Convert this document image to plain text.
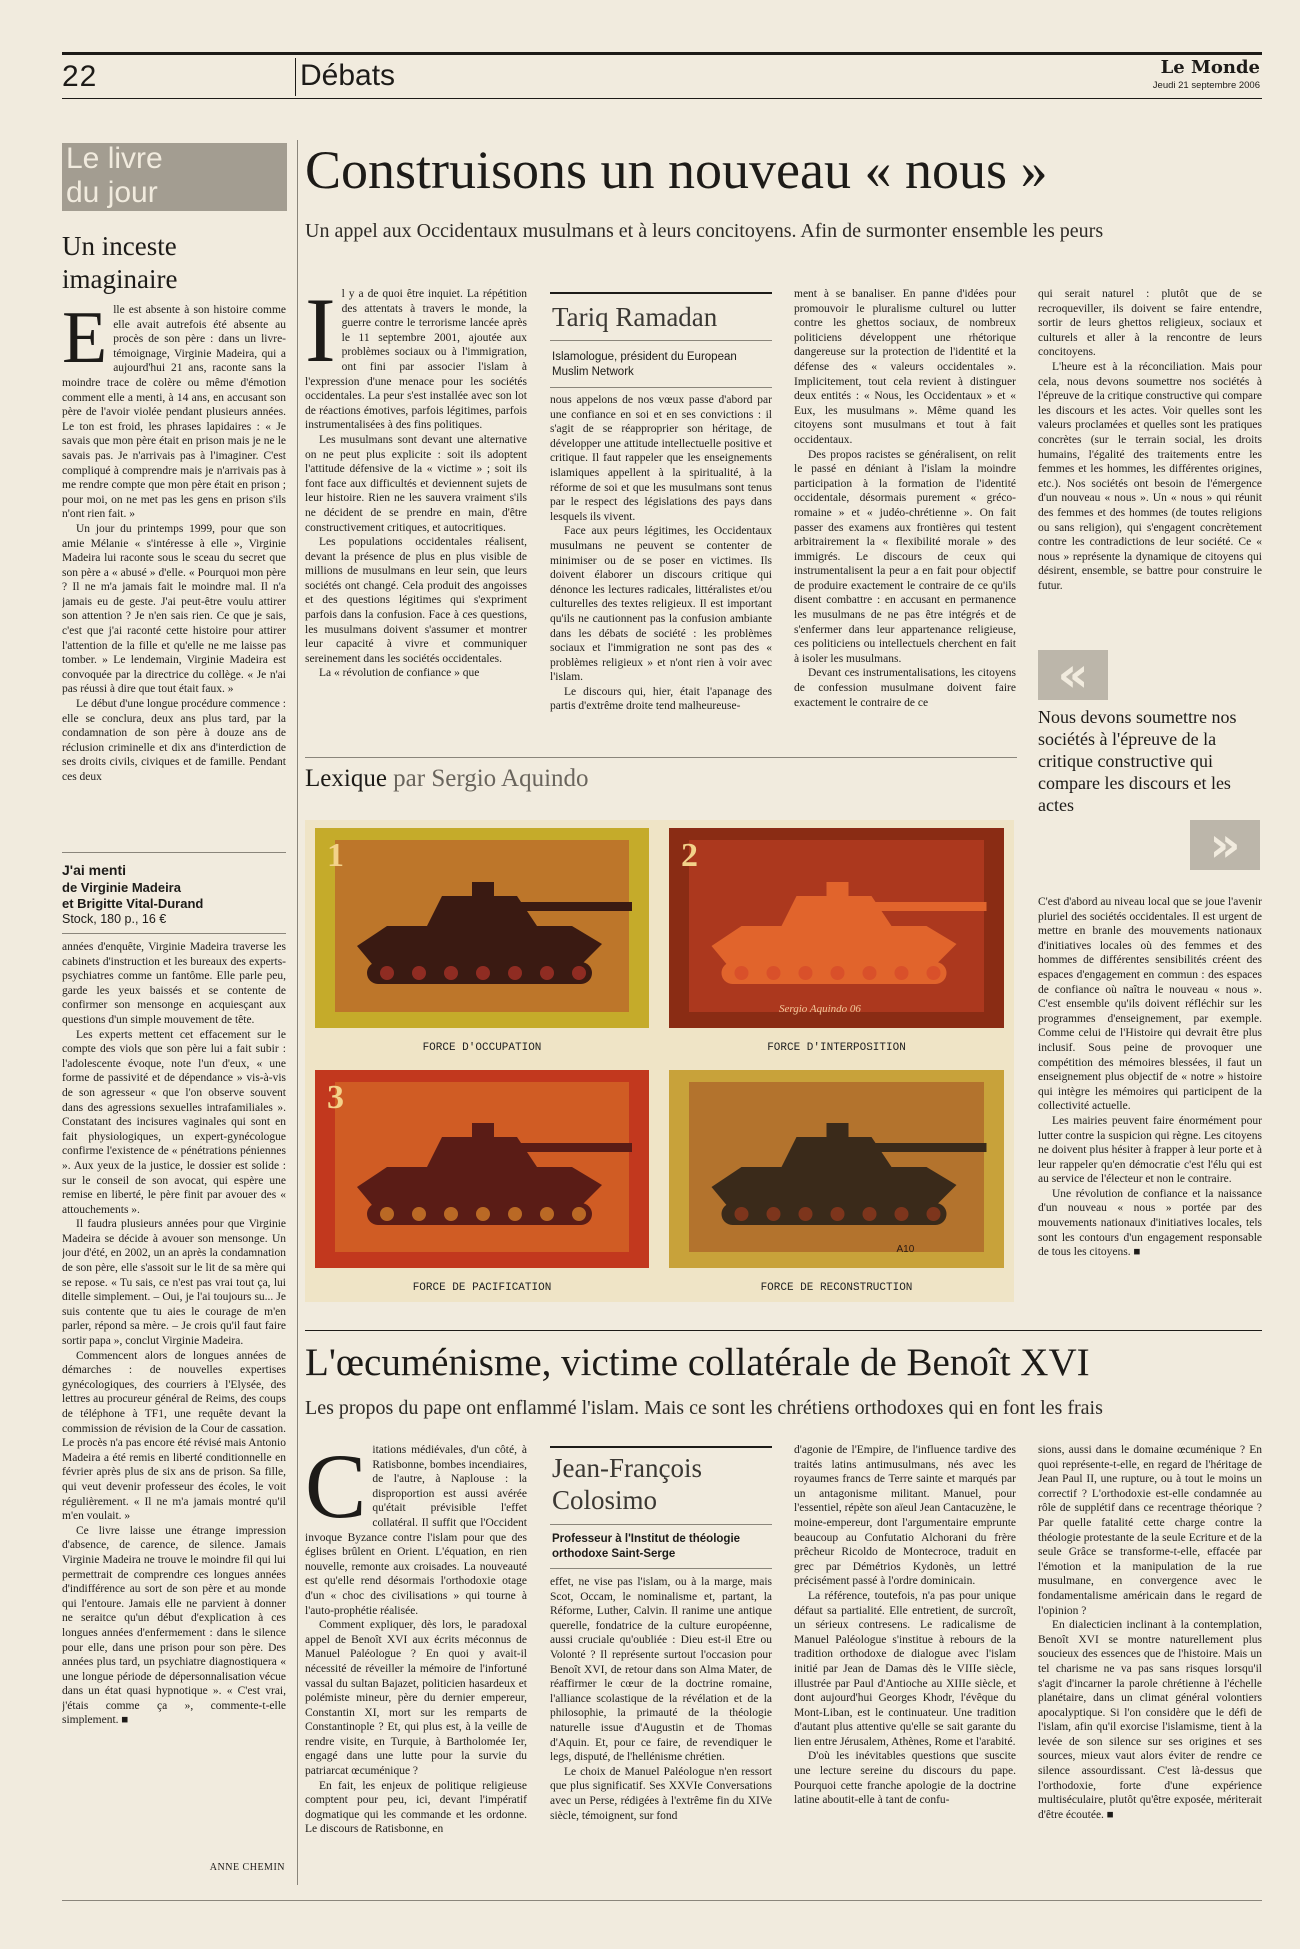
22	Débats	Le Monde
Jeudi 21 septembre 2006
Le livre du jour
Un inceste imaginaire
E lle est absente à son histoire comme elle avait autrefois été absente au procès de son père : dans un livre-témoignage, Virginie Madeira, qui a aujourd'hui 21 ans, raconte sans la moindre trace de colère ou même d'émotion comment elle a menti, à 14 ans, en accusant son père de l'avoir violée pendant plusieurs années. Le ton est froid, les phrases lapidaires : « Je savais que mon père était en prison mais je ne le savais pas. Je n'arrivais pas à l'imaginer. C'est compliqué à comprendre mais je n'arrivais pas à me rendre compte que mon père était en prison ; pour moi, on ne met pas les gens en prison s'ils n'ont rien fait. »

Un jour du printemps 1999, pour que son amie Mélanie « s'intéresse à elle », Virginie Madeira lui raconte sous le sceau du secret que son père a « abusé » d'elle. « Pourquoi mon père ? Il ne m'a jamais fait le moindre mal. Il n'a jamais eu de geste. J'ai peut-être voulu attirer son attention ? Je n'en sais rien. Ce que je sais, c'est que j'ai raconté cette histoire pour attirer l'attention de la fille et qu'elle ne me laisse pas tomber. » Le lendemain, Virginie Madeira est convoquée par la directrice du collège. « Je n'ai pas réussi à dire que tout était faux. »

Le début d'une longue procédure commence : elle se conclura, deux ans plus tard, par la condamnation de son père à douze ans de réclusion criminelle et dix ans d'interdiction de ses droits civils, civiques et de famille. Pendant ces deux

J'ai menti
de Virginie Madeira
et Brigitte Vital-Durand
Stock, 180 p., 16 €

années d'enquête, Virginie Madeira traverse les cabinets d'instruction et les bureaux des experts-psychiatres comme un fantôme. Elle parle peu, garde les yeux baissés et se contente de confirmer son mensonge en acquiesçant aux questions d'un simple mouvement de tête.

Les experts mettent cet effacement sur le compte des viols que son père lui a fait subir : l'adolescente évoque, note l'un d'eux, « une forme de passivité et de dépendance » vis-à-vis de son agresseur « que l'on observe souvent dans des agressions sexuelles intrafamiliales ». Constatant des incisures vaginales qui sont en fait physiologiques, un expert-gynécologue confirme l'existence de « pénétrations péniennes ». Aux yeux de la justice, le dossier est solide : sur le conseil de son avocat, qui espère une remise en liberté, le père finit par avouer des « attouchements ».

Il faudra plusieurs années pour que Virginie Madeira se décide à avouer son mensonge. Un jour d'été, en 2002, un an après la condamnation de son père, elle s'assoit sur le lit de sa mère qui se repose. « Tu sais, ce n'est pas vrai tout ça, lui ditelle simplement. – Oui, je l'ai toujours su... Je suis contente que tu aies le courage de m'en parler, répond sa mère. – Je crois qu'il faut faire sortir papa », conclut Virginie Madeira.

Commencent alors de longues années de démarches : de nouvelles expertises gynécologiques, des courriers à l'Elysée, des lettres au procureur général de Reims, des coups de téléphone à TF1, une requête devant la commission de révision de la Cour de cassation. Le procès n'a pas encore été révisé mais Antonio Madeira a été remis en liberté conditionnelle en février après plus de six ans de prison. Sa fille, qui veut devenir professeur des écoles, le voit régulièrement. « Il ne m'a jamais montré qu'il m'en voulait. »

Ce livre laisse une étrange impression d'absence, de carence, de silence. Jamais Virginie Madeira ne trouve le moindre fil qui lui permettrait de comprendre ces longues années d'indifférence au sort de son père et au monde qui l'entoure. Jamais elle ne parvient à donner ne seraitce qu'un début d'explication à ces longues années d'enfermement : dans le silence pour elle, dans une prison pour son père. Des années plus tard, un psychiatre diagnostiquera « une longue période de dépersonnalisation vécue dans un état quasi hypnotique ». « C'est vrai, j'étais comme ça », commente-t-elle simplement. ■

ANNE CHEMIN
Construisons un nouveau « nous »
Un appel aux Occidentaux musulmans et à leurs concitoyens. Afin de surmonter ensemble les peurs
I l y a de quoi être inquiet. La répétition des attentats à travers le monde, la guerre contre le terrorisme lancée après le 11 septembre 2001, ajoutée aux problèmes sociaux ou à l'immigration, ont fini par associer l'islam à l'expression d'une menace pour les sociétés occidentales. La peur s'est installée avec son lot de réactions émotives, parfois légitimes, parfois instrumentalisées à des fins politiques.

Les musulmans sont devant une alternative on ne peut plus explicite : soit ils adoptent l'attitude défensive de la « victime » ; soit ils font face aux difficultés et deviennent sujets de leur histoire. Rien ne les sauvera vraiment s'ils ne décident de se prendre en main, d'être constructivement critiques, et autocritiques.

Les populations occidentales réalisent, devant la présence de plus en plus visible de millions de musulmans en leur sein, que leurs sociétés ont changé. Cela produit des angoisses et des questions légitimes qui s'expriment parfois dans la confusion. Face à ces questions, les musulmans doivent s'assumer et montrer leur capacité à vivre et communiquer sereinement dans les sociétés occidentales.

La « révolution de confiance » que

Tariq Ramadan
Islamologue, président du European Muslim Network

nous appelons de nos vœux passe d'abord par une confiance en soi et en ses convictions : il s'agit de se réapproprier son héritage, de développer une attitude intellectuelle positive et critique. Il faut rappeler que les enseignements islamiques appellent à la spiritualité, à la réforme de soi et que les musulmans sont tenus par le respect des législations des pays dans lesquels ils vivent.

Face aux peurs légitimes, les Occidentaux musulmans ne peuvent se contenter de minimiser ou de se poser en victimes. Ils doivent élaborer un discours critique qui dénonce les lectures radicales, littéralistes et/ou culturelles des textes religieux. Il est important qu'ils ne cautionnent pas la confusion ambiante dans les débats de société : les problèmes sociaux et l'immigration ne sont pas des « problèmes religieux » et n'ont rien à voir avec l'islam.

Le discours qui, hier, était l'apanage des partis d'extrême droite tend malheureuse-

ment à se banaliser. En panne d'idées pour promouvoir le pluralisme culturel ou lutter contre les ghettos sociaux, de nombreux politiciens développent une rhétorique dangereuse sur la protection de l'identité et la défense des « valeurs occidentales ». Implicitement, tout cela revient à distinguer deux entités : « Nous, les Occidentaux » et « Eux, les musulmans ». Même quand les citoyens sont musulmans et tout à fait occidentaux.

Des propos racistes se généralisent, on relit le passé en déniant à l'islam la moindre participation à la formation de l'identité occidentale, désormais purement « gréco-romaine » et « judéo-chrétienne ». On fait passer des examens aux frontières qui testent arbitrairement la « flexibilité morale » des immigrés. Le discours de ceux qui instrumentalisent la peur a en fait pour objectif de produire exactement le contraire de ce qu'ils disent combattre : en accusant en permanence les musulmans de ne pas être intégrés et de s'enfermer dans leur appartenance religieuse, ces politiciens ou intellectuels cherchent en fait à isoler les musulmans.

Devant ces instrumentalisations, les citoyens de confession musulmane doivent faire exactement le contraire de ce

qui serait naturel : plutôt que de se recroqueviller, ils doivent se faire entendre, sortir de leurs ghettos religieux, sociaux et culturels et aller à la rencontre de leurs concitoyens.

L'heure est à la réconciliation. Mais pour cela, nous devons soumettre nos sociétés à l'épreuve de la critique constructive qui compare les discours et les actes. Voir quelles sont les valeurs proclamées et quelles sont les pratiques concrètes (sur le terrain social, les droits humains, l'égalité des traitements entre les femmes et les hommes, les différentes origines, etc.). Nos sociétés ont besoin de l'émergence d'un nouveau « nous ». Un « nous » qui réunit des femmes et des hommes (de toutes religions ou sans religion), qui s'engagent concrètement contre les contradictions de leur société. Ce « nous » représente la dynamique de citoyens qui désirent, ensemble, se battre pour construire le futur.

«
Nous devons soumettre nos sociétés à l'épreuve de la critique constructive qui compare les discours et les actes
»

C'est d'abord au niveau local que se joue l'avenir pluriel des sociétés occidentales. Il est urgent de mettre en branle des mouvements nationaux d'initiatives locales où des femmes et des hommes de différentes sensibilités créent des espaces d'engagement en commun : des espaces de confiance où naîtra le nouveau « nous ». C'est ensemble qu'ils doivent réfléchir sur les programmes d'enseignement, par exemple. Comme celui de l'Histoire qui devrait être plus inclusif. Sous peine de provoquer une compétition des mémoires blessées, il faut un enseignement plus objectif de « notre » histoire qui intègre les mémoires qui participent de la collectivité actuelle.

Les mairies peuvent faire énormément pour lutter contre la suspicion qui règne. Les citoyens ne doivent plus hésiter à frapper à leur porte et à leur rappeler qu'en démocratie c'est l'élu qui est au service de l'électeur et non le contraire.

Une révolution de confiance et la naissance d'un nouveau « nous » portée par des mouvements nationaux d'initiatives locales, tels sont les contours d'un engagement responsable de tous les citoyens. ■

Lexique par Sergio Aquindo
FORCE D'OCCUPATION
1
FORCE D'INTERPOSITION
2
Sergio Aquindo 06
FORCE DE PACIFICATION
3
FORCE DE RECONSTRUCTION
A10
L'œcuménisme, victime collatérale de Benoît XVI
Les propos du pape ont enflammé l'islam. Mais ce sont les chrétiens orthodoxes qui en font les frais
C itations médiévales, d'un côté, à Ratisbonne, bombes incendiaires, de l'autre, à Naplouse : la disproportion est aussi avérée qu'était prévisible l'effet collatéral. Il suffit que l'Occident invoque Byzance contre l'islam pour que des églises brûlent en Orient. L'équation, en rien nouvelle, remonte aux croisades. La nouveauté est qu'elle rend désormais l'orthodoxie otage d'un « choc des civilisations » qui tourne à l'auto-prophétie réalisée.

Comment expliquer, dès lors, le paradoxal appel de Benoît XVI aux écrits méconnus de Manuel Paléologue ? En quoi y avait-il nécessité de réveiller la mémoire de l'infortuné vassal du sultan Bajazet, politicien hasardeux et polémiste mineur, père du dernier empereur, Constantin XI, mort sur les remparts de Constantinople ? Et, qui plus est, à la veille de rendre visite, en Turquie, à Bartholomée Ier, engagé dans une lutte pour la survie du patriarcat œcuménique ?

En fait, les enjeux de politique religieuse comptent pour peu, ici, devant l'impératif dogmatique qui les commande et les ordonne. Le discours de Ratisbonne, en

Jean-François Colosimo
Professeur à l'Institut de théologie orthodoxe Saint-Serge

effet, ne vise pas l'islam, ou à la marge, mais Scot, Occam, le nominalisme et, partant, la Réforme, Luther, Calvin. Il ranime une antique querelle, fondatrice de la culture européenne, aussi cruciale qu'oubliée : Dieu est-il Etre ou Volonté ? Il représente surtout l'occasion pour Benoît XVI, de retour dans son Alma Mater, de réaffirmer le cœur de la doctrine romaine, l'alliance scolastique de la révélation et de la philosophie, la primauté de la théologie naturelle issue d'Augustin et de Thomas d'Aquin. Et, pour ce faire, de revendiquer le legs, disputé, de l'hellénisme chrétien.

Le choix de Manuel Paléologue n'en ressort que plus significatif. Ses XXVIe Conversations avec un Perse, rédigées à l'extrême fin du XIVe siècle, témoignent, sur fond

d'agonie de l'Empire, de l'influence tardive des traités latins antimusulmans, nés avec les royaumes francs de Terre sainte et marqués par un antagonisme militant. Manuel, pour l'essentiel, répète son aïeul Jean Cantacuzène, le moine-empereur, dont l'argumentaire emprunte beaucoup au Confutatio Alchorani du frère prêcheur Ricoldo de Montecroce, traduit en grec par Démétrios Kydonès, un lettré précisément passé à l'ordre dominicain.

La référence, toutefois, n'a pas pour unique défaut sa partialité. Elle entretient, de surcroît, un sérieux contresens. Le radicalisme de Manuel Paléologue s'institue à rebours de la tradition orthodoxe de dialogue avec l'islam initié par Jean de Damas dès le VIIIe siècle, illustrée par Paul d'Antioche au XIIIe siècle, et dont aujourd'hui Georges Khodr, l'évêque du Mont-Liban, est le continuateur. Une tradition d'autant plus attentive qu'elle se sait garante du lien entre Jérusalem, Athènes, Rome et l'arabité.

D'où les inévitables questions que suscite une lecture sereine du discours du pape. Pourquoi cette franche apologie de la doctrine latine aboutit-elle à tant de confu-

sions, aussi dans le domaine œcuménique ? En quoi représente-t-elle, en regard de l'héritage de Jean Paul II, une rupture, ou à tout le moins un correctif ? L'orthodoxie est-elle condamnée au rôle de supplétif dans ce recentrage théorique ? Par quelle fatalité cette charge contre la théologie protestante de la seule Ecriture et de la seule Grâce se transforme-t-elle, effacée par l'émotion et la manipulation de la rue musulmane, en convergence avec le fondamentalisme américain dans le regard de l'opinion ?

En dialecticien inclinant à la contemplation, Benoît XVI se montre naturellement plus soucieux des essences que de l'histoire. Mais un tel charisme ne va pas sans risques lorsqu'il s'agit d'incarner la parole chrétienne à l'échelle planétaire, dans un climat général volontiers apocalyptique. Si l'on considère que le défi de l'islam, afin qu'il exorcise l'islamisme, tient à la levée de son silence sur ses origines et ses sources, mieux vaut alors éviter de rendre ce silence assourdissant. C'est là-dessus que l'orthodoxie, forte d'une expérience multiséculaire, plutôt qu'être exposée, mériterait d'être écoutée. ■
